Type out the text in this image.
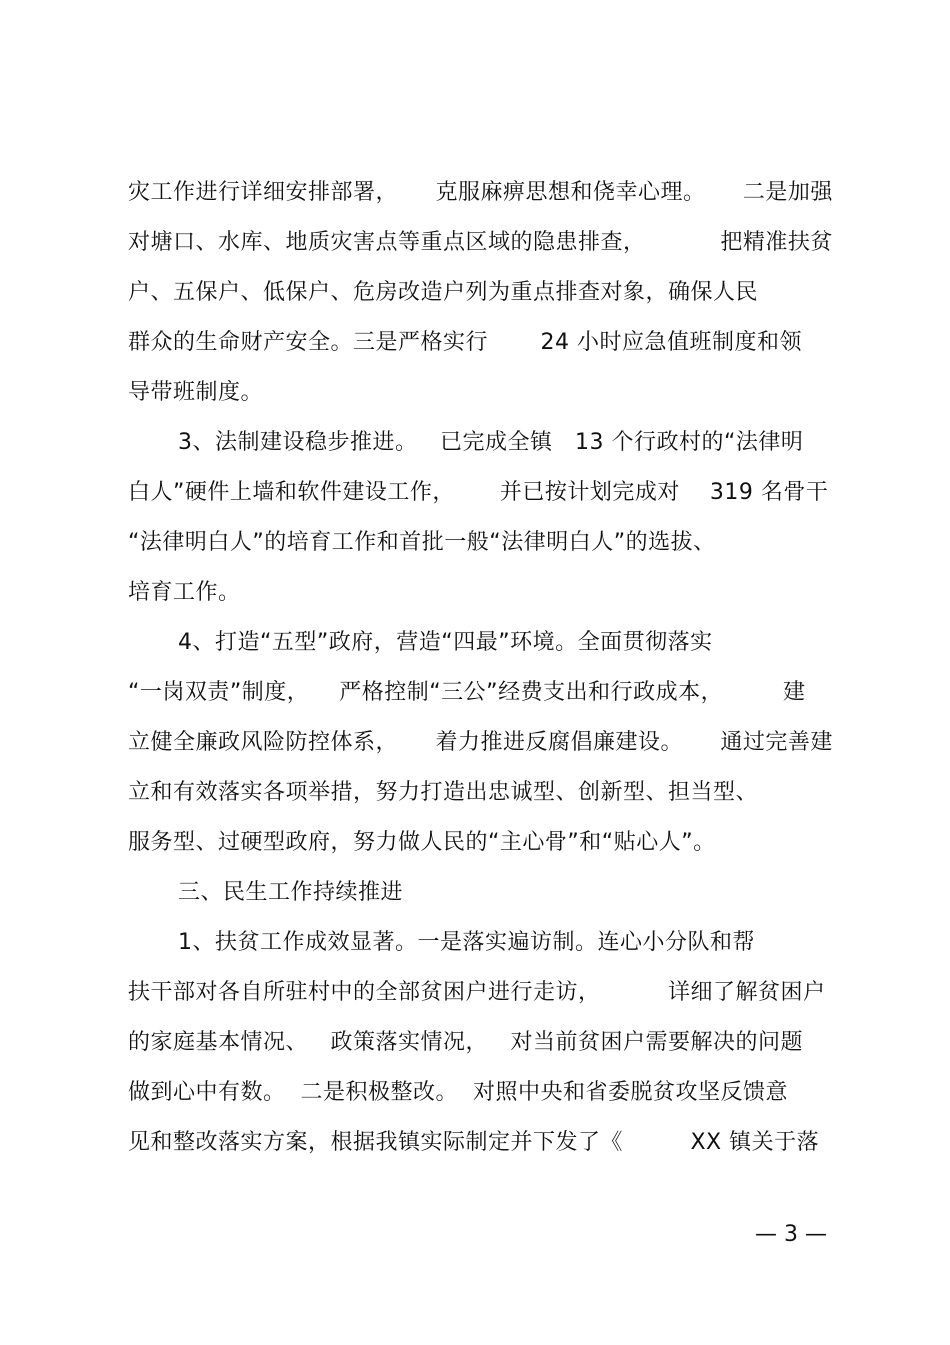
灾工作进行详细安排部署，     克服麻痹思想和侥幸心理。     二是加强
对塘口、水库、地质灾害点等重点区域的隐患排查，          把精准扶贫
户、五保户、低保户、危房改造户列为重点排查对象，确保人民
群众的生命财产安全。三是严格实行       24 小时应急值班制度和领
导带班制度。
3、法制建设稳步推进。   已完成全镇   13 个行政村的“法律明
白人”硬件上墙和软件建设工作，      并已按计划完成对    319 名骨干
“法律明白人”的培育工作和首批一般“法律明白人”的选拔、
培育工作。
4、打造“五型”政府，营造“四最”环境。全面贯彻落实
“一岗双责”制度，    严格控制“三公”经费支出和行政成本，        建
立健全廉政风险防控体系，     着力推进反腐倡廉建设。     通过完善建
立和有效落实各项举措，努力打造出忠诚型、创新型、担当型、
服务型、过硬型政府，努力做人民的“主心骨”和“贴心人”。
三、民生工作持续推进
1、扶贫工作成效显著。一是落实遍访制。连心小分队和帮
扶干部对各自所驻村中的全部贫困户进行走访，         详细了解贫困户
的家庭基本情况、   政策落实情况，   对当前贫困户需要解决的问题
做到心中有数。  二是积极整改。  对照中央和省委脱贫攻坚反馈意
见和整改落实方案，根据我镇实际制定并下发了《         XX 镇关于落
— 3 —
